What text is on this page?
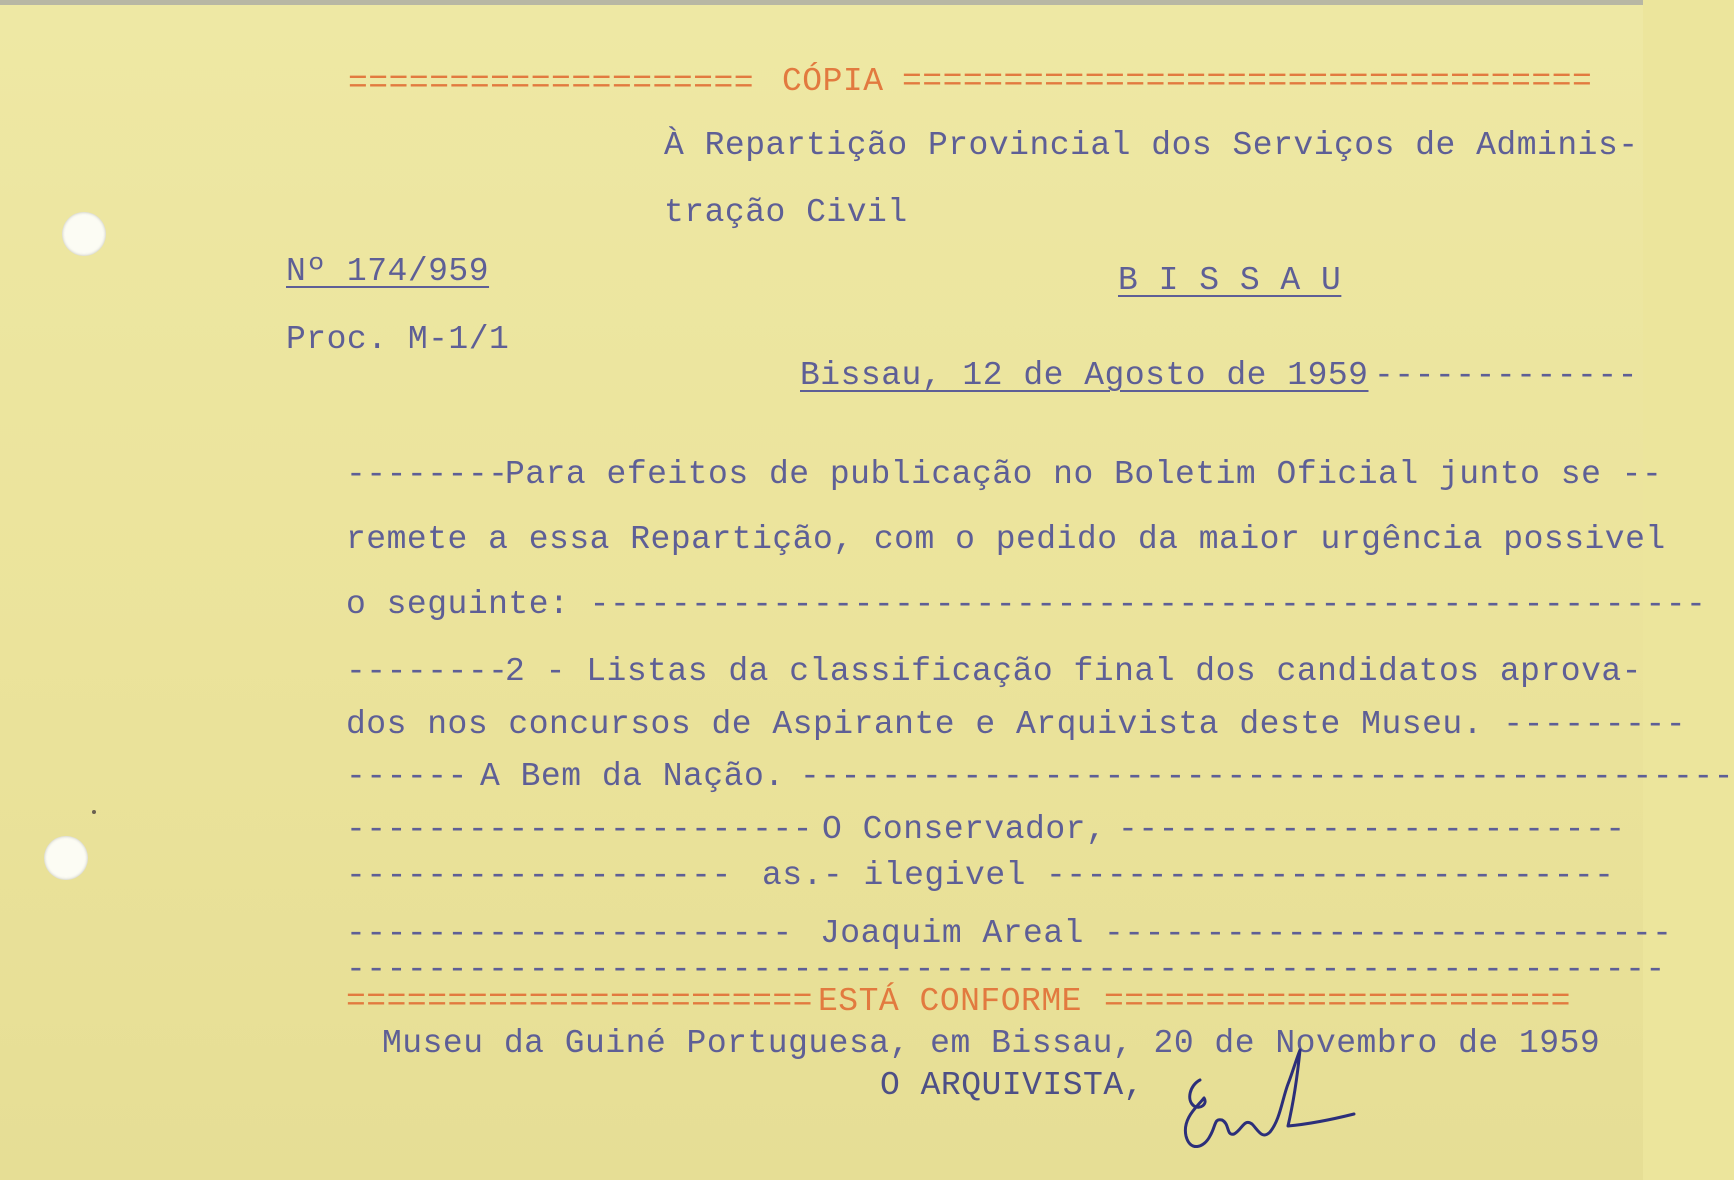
==================== CÓPIA ==================================
À Repartição Provincial dos Serviços de Adminis-
tração Civil
Nº 174/959	B I S S A U
Proc. M-1/1
Bissau, 12 de Agosto de 1959 -------------
--------
Para efeitos de publicação no Boletim Oficial junto se --
remete a essa Repartição, com o pedido da maior urgência possivel
o seguinte: -------------------------------------------------------
--------
2 - Listas da classificação final dos candidatos aprova-
dos nos concursos de Aspirante e Arquivista deste Museu. ---------
------ A Bem da Nação. ----------------------------------------------
----------------------- O Conservador, -------------------------
------------------- as.- ilegivel ----------------------------
---------------------- Joaquim Areal ----------------------------
-----------------------------------------------------------------
======================= ESTÁ CONFORME =======================
Museu da Guiné Portuguesa, em Bissau, 20 de Novembro de 1959
O ARQUIVISTA,
